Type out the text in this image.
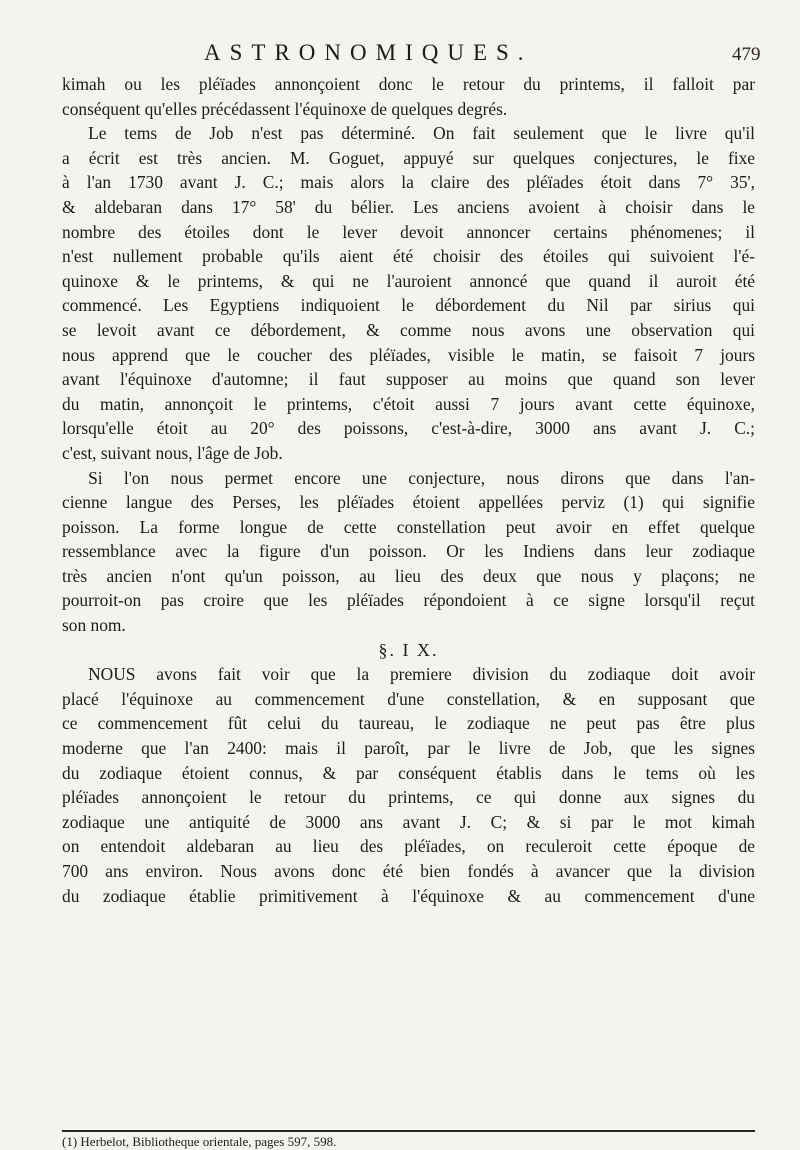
ASTRONOMIQUES.	479
kimah ou les pléïades annonçoient donc le retour du printems, il falloit par
conséquent qu'elles précédassent l'équinoxe de quelques degrés.
Le tems de Job n'est pas déterminé. On fait seulement que le livre qu'il
a écrit est très ancien. M. Goguet, appuyé sur quelques conjectures, le fixe
à l'an 1730 avant J. C.; mais alors la claire des pléïades étoit dans 7° 35',
& aldebaran dans 17° 58' du bélier. Les anciens avoient à choisir dans le
nombre des étoiles dont le lever devoit annoncer certains phénomenes; il
n'est nullement probable qu'ils aient été choisir des étoiles qui suivoient l'é-
quinoxe & le printems, & qui ne l'auroient annoncé que quand il auroit été
commencé. Les Egyptiens indiquoient le débordement du Nil par sirius qui
se levoit avant ce débordement, & comme nous avons une observation qui
nous apprend que le coucher des pléïades, visible le matin, se faisoit 7 jours
avant l'équinoxe d'automne; il faut supposer au moins que quand son lever
du matin, annonçoit le printems, c'étoit aussi 7 jours avant cette équinoxe,
lorsqu'elle étoit au 20° des poissons, c'est-à-dire, 3000 ans avant J. C.;
c'est, suivant nous, l'âge de Job.
Si l'on nous permet encore une conjecture, nous dirons que dans l'an-
cienne langue des Perses, les pléïades étoient appellées perviz (1) qui signifie
poisson. La forme longue de cette constellation peut avoir en effet quelque
ressemblance avec la figure d'un poisson. Or les Indiens dans leur zodiaque
très ancien n'ont qu'un poisson, au lieu des deux que nous y plaçons; ne
pourroit-on pas croire que les pléïades répondoient à ce signe lorsqu'il reçut
son nom.
§. I X.
NOUS avons fait voir que la premiere division du zodiaque doit avoir
placé l'équinoxe au commencement d'une constellation, & en supposant que
ce commencement fût celui du taureau, le zodiaque ne peut pas être plus
moderne que l'an 2400: mais il paroît, par le livre de Job, que les signes
du zodiaque étoient connus, & par conséquent établis dans le tems où les
pléïades annonçoient le retour du printems, ce qui donne aux signes du
zodiaque une antiquité de 3000 ans avant J. C; & si par le mot kimah
on entendoit aldebaran au lieu des pléïades, on reculeroit cette époque de
700 ans environ. Nous avons donc été bien fondés à avancer que la division
du zodiaque établie primitivement à l'équinoxe & au commencement d'une
(1) Herbelot, Bibliotheque orientale, pages 597, 598.
